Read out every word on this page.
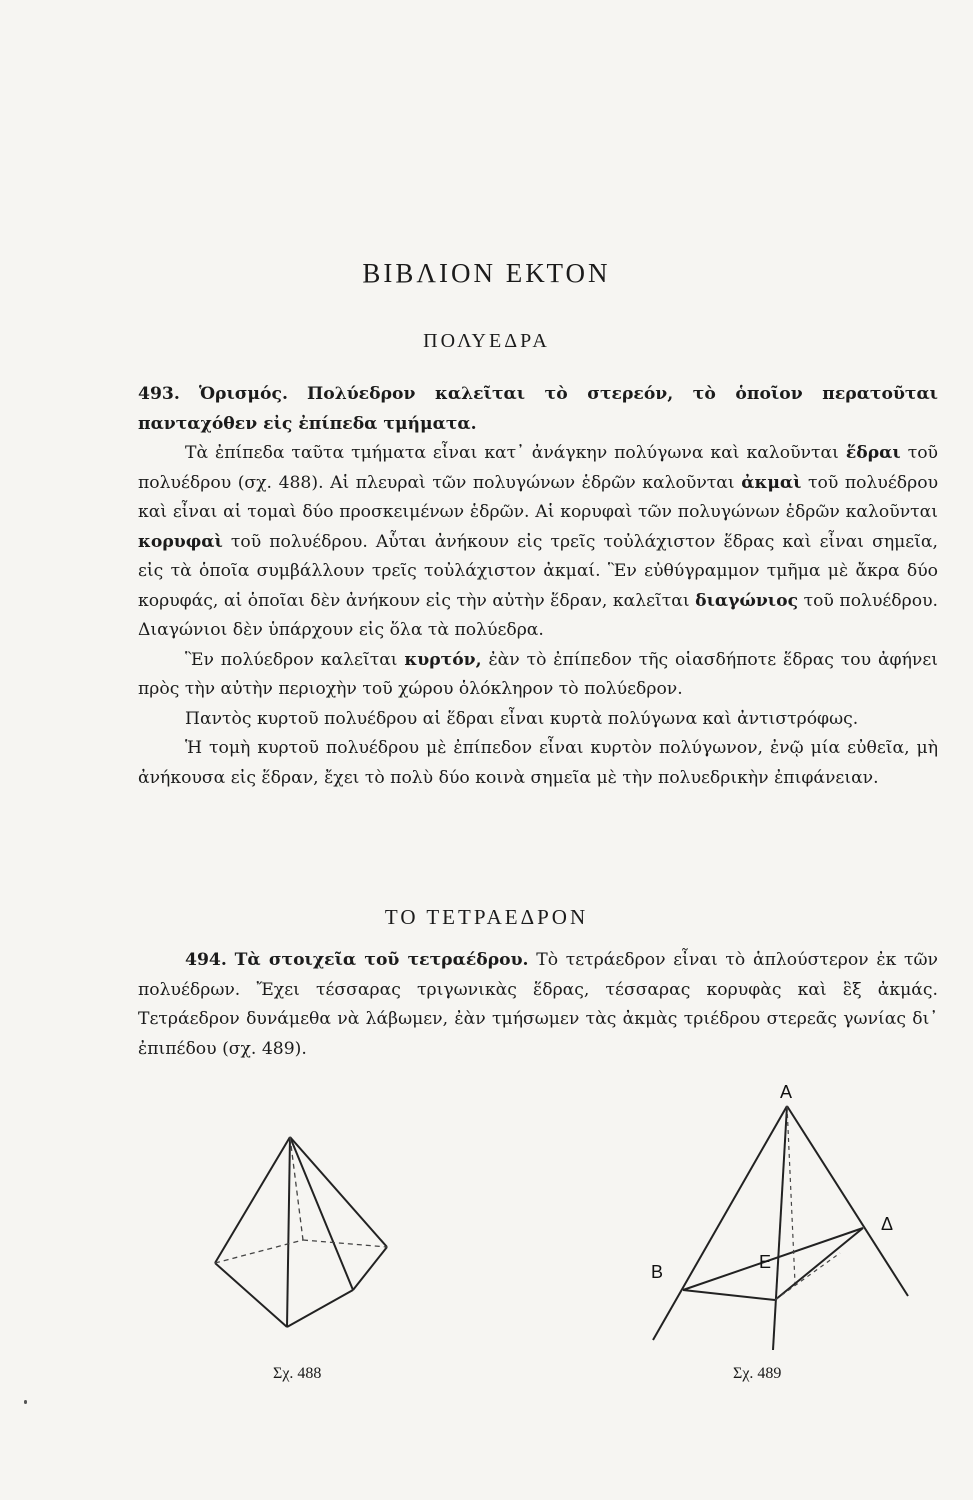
ΒΙΒΛΙΟΝ ΕΚΤΟΝ
ΠΟΛΥΕΔΡΑ

493. Ὁρισμός. Πολύεδρον καλεῖται τὸ στερεόν, τὸ ὁποῖον περατοῦται πανταχόθεν εἰς ἐπίπεδα τμήματα.

Τὰ ἐπίπεδα ταῦτα τμήματα εἶναι κατ᾽ ἀνάγκην πολύγωνα καὶ καλοῦνται ἕδραι τοῦ πολυέδρου (σχ. 488). Αἱ πλευραὶ τῶν πολυγώνων ἑδρῶν καλοῦνται ἀκμαὶ τοῦ πολυέδρου καὶ εἶναι αἱ τομαὶ δύο προσκειμένων ἑδρῶν. Αἱ κορυφαὶ τῶν πολυγώνων ἑδρῶν καλοῦνται κορυφαὶ τοῦ πολυέδρου. Αὗται ἀνήκουν εἰς τρεῖς τοὐλάχιστον ἕδρας καὶ εἶναι σημεῖα, εἰς τὰ ὁποῖα συμβάλλουν τρεῖς τοὐλάχιστον ἀκμαί. Ἓν εὐθύγραμμον τμῆμα μὲ ἄκρα δύο κορυφάς, αἱ ὁποῖαι δὲν ἀνήκουν εἰς τὴν αὐτὴν ἕδραν, καλεῖται διαγώνιος τοῦ πολυέδρου. Διαγώνιοι δὲν ὑπάρχουν εἰς ὅλα τὰ πολύεδρα.

Ἓν πολύεδρον καλεῖται κυρτόν, ἐὰν τὸ ἐπίπεδον τῆς οἱασδήποτε ἕδρας του ἀφήνει πρὸς τὴν αὐτὴν περιοχὴν τοῦ χώρου ὁλόκληρον τὸ πολύεδρον.

Παντὸς κυρτοῦ πολυέδρου αἱ ἕδραι εἶναι κυρτὰ πολύγωνα καὶ ἀντιστρόφως.

Ἡ τομὴ κυρτοῦ πολυέδρου μὲ ἐπίπεδον εἶναι κυρτὸν πολύγωνον, ἐνῷ μία εὐθεῖα, μὴ ἀνήκουσα εἰς ἕδραν, ἔχει τὸ πολὺ δύο κοινὰ σημεῖα μὲ τὴν πολυεδρικὴν ἐπιφάνειαν.

ΤΟ ΤΕΤΡΑΕΔΡΟΝ

494. Τὰ στοιχεῖα τοῦ τετραέδρου. Τὸ τετράεδρον εἶναι τὸ ἁπλούστερον ἐκ τῶν πολυέδρων. Ἔχει τέσσαρας τριγωνικὰς ἕδρας, τέσσαρας κορυφὰς καὶ ἓξ ἀκμάς. Τετράεδρον δυνάμεθα νὰ λάβωμεν, ἐὰν τμήσωμεν τὰς ἀκμὰς τριέδρου στερεᾶς γωνίας δι᾽ ἐπιπέδου (σχ. 489).

Σχ. 488
Α
Β
Δ
Ε
Σχ. 489
